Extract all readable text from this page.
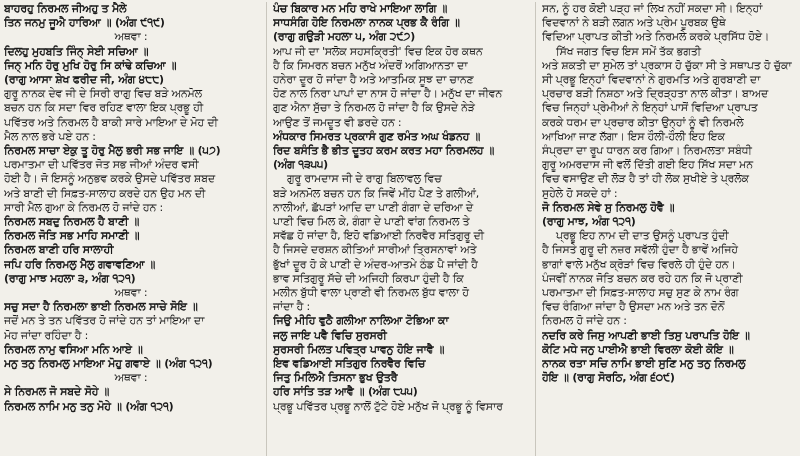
ਬਾਹਰਹੁ ਨਿਰਮਲ ਜੀਅਹੁ ਤ ਮੈਲੇ
ਤਿਨ ਜਨਮੁ ਜੂਐ ਹਾਰਿਆ ॥ (ਅੰਗ ੯੧੯)
ਅਥਵਾ :
ਦਿਲਹੁ ਮੁਹਬਤਿ ਜਿੰਨ੍ ਸੇਈ ਸਚਿਆ ॥
ਜਿਨ੍ ਮਨਿ ਹੋਰੁ ਮੁਖਿ ਹੋਰੁ ਸਿ ਕਾਂਢੇ ਕਚਿਆ ॥
(ਰਾਗੁ ਆਸਾ ਸ਼ੇਖ ਫਰੀਦ ਜੀ, ਅੰਗ ੪੮੮)
ਗੁਰੂ ਨਾਨਕ ਦੇਵ ਜੀ ਦੇ ਸਿਰੀ ਰਾਗੁ ਵਿਚ ਬੜੇ ਅਨਮੋਲ
ਬਚਨ ਹਨ ਕਿ ਸਦਾ ਵਿਰ ਰਹਿਣ ਵਾਲਾ ਇਕ ਪ੍ਰਭੂ ਹੀ
ਪਵਿੱਤਰ ਅਤੇ ਨਿਰਮਲ ਹੈ ਬਾਕੀ ਸਾਰੇ ਮਾਇਆ ਦੇ ਮੋਹ ਦੀ
ਮੈਲ ਨਾਲ ਭਰੇ ਪਏ ਹਨ :
ਨਿਰਮਲ ਸਾਚਾ ਏਕੁ ਤੂ ਹੋਰੁ ਮੈਲੁ ਭਰੀ ਸਭ ਜਾਇ ॥ (੫੭)
ਪਰਮਾਤਮਾ ਦੀ ਪਵਿੱਤਰ ਜੋਤ ਸਭ ਜੀਆਂ ਅੰਦਰ ਵਸੀ
ਹੋਈ ਹੈ। ਜੋ ਇਸਨੂੰ ਅਨੁਭਵ ਕਰਕੇ ਉਸਦੇ ਪਵਿੱਤਰ ਸ਼ਬਦ
ਅਤੇ ਬਾਣੀ ਦੀ ਸਿਫ਼ਤ-ਸਾਲਾਹ ਕਰਦੇ ਹਨ ਉਹ ਮਨ ਦੀ
ਸਾਰੀ ਮੈਲ ਗੁਆ ਕੇ ਨਿਰਮਲ ਹੋ ਜਾਂਦੇ ਹਨ :
ਨਿਰਮਲ ਸਬਦੁ ਨਿਰਮਲ ਹੈ ਬਾਣੀ ॥
ਨਿਰਮਲ ਜੋਤਿ ਸਭ ਮਾਹਿ ਸਮਾਣੀ ॥
ਨਿਰਮਲ ਬਾਣੀ ਹਰਿ ਸਾਲਾਹੀ
ਜਪਿ ਹਰਿ ਨਿਰਮਲੁ ਮੈਲੁ ਗਵਾਵਣਿਆ ॥
(ਰਾਗੁ ਮਾਝ ਮਹਲਾ ੩, ਅੰਗ ੧੨੧)
ਅਥਵਾ :
ਸਚੁ ਸਦਾ ਹੈ ਨਿਰਮਲਾ ਭਾਈ ਨਿਰਮਲ ਸਾਚੇ ਸੋਇ ॥
ਜਦੋਂ ਮਨ ਤੇ ਤਨ ਪਵਿੱਤਰ ਹੋ ਜਾਂਦੇ ਹਨ ਤਾਂ ਮਾਇਆ ਦਾ
ਮੋਹ ਜਾਂਦਾ ਰਹਿੰਦਾ ਹੈ :
ਨਿਰਮਲ ਨਾਮੁ ਵਸਿਆ ਮਨਿ ਆਏ ॥
ਮਨੁ ਤਨੁ ਨਿਰਮਲੁ ਮਾਇਆ ਮੋਹੁ ਗਵਾਏ ॥ (ਅੰਗ ੧੨੧)
ਅਥਵਾ :
ਸੇ ਨਿਰਮਲ ਜੋ ਸਬਦੇ ਸੋਹੇ ॥
ਨਿਰਮਲ ਨਾਮਿ ਮਨੁ ਤਨੁ ਮੋਹੇ ॥ (ਅੰਗ ੧੨੧)
ਪੰਚ ਬਿਕਾਰ ਮਨ ਮਹਿ ਰਾਖੇ ਮਾਇਆ ਲਾਗਿ ॥
ਸਾਧਸੰਗਿ ਹੋਇ ਨਿਰਮਲਾ ਨਾਨਕ ਪ੍ਰਭ ਕੈ ਰੰਗਿ ॥
(ਰਾਗੁ ਗਉੜੀ ਮਹਲਾ ੫, ਅੰਗ ੨੯੭)
ਆਪ ਜੀ ਦਾ 'ਸਲੋਕ ਸਹਸਕ੍ਰਿਤੀ' ਵਿਚ ਇਕ ਹੋਰ ਕਥਨ
ਹੈ ਕਿ ਸਿਮਰਨ ਬਚਨ ਮਨੁੱਖ ਅੰਦਰੋਂ ਅਗਿਆਨਤਾ ਦਾ
ਹਨੇਰਾ ਦੂਰ ਹੋ ਜਾਂਦਾ ਹੈ ਅਤੇ ਆਤਮਿਕ ਸੂਝ ਦਾ ਚਾਨਣ
ਹੋਣ ਨਾਲ ਨਿਰਾ ਪਾਪਾਂ ਦਾ ਨਾਸ ਹੋ ਜਾਂਦਾ ਹੈ। ਮਨੁੱਖ ਦਾ ਜੀਵਨ
ਗੁਣ ਐਨਾ ਸੁੱਚਾ ਤੇ ਨਿਰਮਲ ਹੋ ਜਾਂਦਾ ਹੈ ਕਿ ਉਸਦੇ ਨੇੜੇ
ਆਉਣ ਤੋਂ ਜਮਦੂਤ ਵੀ ਡਰਦੇ ਹਨ :
ਅੰਧਕਾਰ ਸਿਮਰਤ ਪ੍ਰਕਾਸੰ ਗੁਣ ਰਮੰਤ ਅਘ ਖੰਡਨਹ ॥
ਰਿਦ ਬਸੰਤਿ ਭੈ ਭੀਤ ਦੂਤਹ ਕਰਮ ਕਰਤ ਮਹਾ ਨਿਰਮਲਹ ॥
(ਅੰਗ ੧੩੫੫)
ਗੁਰੂ ਰਾਮਦਾਸ ਜੀ ਦੇ ਰਾਗੁ ਬਿਲਾਵਲੁ ਵਿਚ
ਬੜੇ ਅਨਮੋਲ ਬਚਨ ਹਨ ਕਿ ਜਿਵੇਂ ਮੀਂਹ ਪੈਣ ਤੇ ਗਲੀਆਂ,
ਨਾਲੀਆਂ, ਛੱਪੜਾਂ ਆਦਿ ਦਾ ਪਾਣੀ ਗੰਗਾ ਦੇ ਦਰਿਆ ਦੇ
ਪਾਣੀ ਵਿਚ ਮਿਲ ਕੇ, ਗੰਗਾ ਦੇ ਪਾਣੀ ਵਾਂਗ ਨਿਰਮਲ ਤੇ
ਸਵੱਛ ਹੋ ਜਾਂਦਾ ਹੈ, ਇਹੋ ਵਡਿਆਈ ਨਿਰਵੈਰ ਸਤਿਗੁਰੂ ਦੀ
ਹੈ ਜਿਸਦੇ ਦਰਸ਼ਨ ਕੀਤਿਆਂ ਸਾਰੀਆਂ ਤ੍ਰਿਸਨਾਵਾਂ ਅਤੇ
ਭੁੱਖਾਂ ਦੂਰ ਹੋ ਕੇ ਪਾਣੀ ਦੇ ਅੰਦਰ-ਆਤਮੇ ਠੰਡ ਪੈ ਜਾਂਦੀ ਹੈ
ਭਾਵ ਸਤਿਗੁਰੂ ਸੱਚੇ ਦੀ ਅਜਿਹੀ ਕਿਰਪਾ ਹੁੰਦੀ ਹੈ ਕਿ
ਮਲੀਨ ਬੁੱਧੀ ਵਾਲਾ ਪ੍ਰਾਣੀ ਵੀ ਨਿਰਮਲ ਬੁੱਧ ਵਾਲਾ ਹੋ
ਜਾਂਦਾ ਹੈ :
ਜਿਉ ਮੀਹਿ ਵੁਠੈ ਗਲੀਆ ਨਾਲਿਆ ਟੋਭਿਆ ਕਾ
ਜਲੁ ਜਾਇ ਪਵੈ ਵਿਚਿ ਸੁਰਸਰੀ
ਸੁਰਸਰੀ ਮਿਲਤ ਪਵਿਤ੍ਰ ਪਾਵਨੁ ਹੋਇ ਜਾਵੈ ॥
ਇਵ ਵਡਿਆਈ ਸਤਿਗੁਰ ਨਿਰਵੈਰ ਵਿਚਿ
ਜਿਤੁ ਮਿਲਿਐ ਤਿਸਨਾ ਭੁਖ ਉਤਰੈ
ਹਰਿ ਸਾਂਤਿ ਤੜ ਆਵੈ ॥ (ਅੰਗ ੮੫੫)
ਪ੍ਰਭੂ ਪਵਿੱਤਰ ਪ੍ਰਭੂ ਨਾਲੋਂ ਟੁੱਟੇ ਹੋਏ ਮਨੁੱਖ ਜੋ ਪ੍ਰਭੂ ਨੂੰ ਵਿਸਾਰ
ਸਨ, ਨੂੰ ਹਰ ਕੋਈ ਪੜ੍ਹ ਜਾਂ ਲਿਖ ਨਹੀਂ ਸਕਦਾ ਸੀ। ਇਨ੍ਹਾਂ
ਵਿਦਵਾਨਾਂ ਨੇ ਬੜੀ ਲਗਨ ਅਤੇ ਪ੍ਰੇਮ ਪੂਰਬਕ ਉਥੇ
ਵਿਦਿਆ ਪ੍ਰਾਪਤ ਕੀਤੀ ਅਤੇ ਨਿਰਮਲੇ ਕਰਕੇ ਪ੍ਰਸਿੱਧ ਹੋਏ।
ਸਿੱਖ ਜਗਤ ਵਿਚ ਇਸ ਸਮੇਂ ਤੱਕ ਭਗਤੀ
ਅਤੇ ਸ਼ਕਤੀ ਦਾ ਸੁਮੇਲ ਤਾਂ ਪ੍ਰਕਾਸ ਹੋ ਚੁੱਕਾ ਸੀ ਤੇ ਸਥਾਪਤ ਹੋ ਚੁੱਕਾ
ਸੀ ਪ੍ਰਭੂ ਇਨ੍ਹਾਂ ਵਿਦਵਾਨਾਂ ਨੇ ਗੁਰਮਤਿ ਅਤੇ ਗੁਰਬਾਣੀ ਦਾ
ਪ੍ਰਚਾਰ ਬੜੀ ਨਿਸ਼ਠਾ ਅਤੇ ਦ੍ਰਿੜ੍ਹਤਾ ਨਾਲ ਕੀਤਾ। ਬਾਅਦ
ਵਿਚ ਜਿਨ੍ਹਾਂ ਪ੍ਰੇਮੀਆਂ ਨੇ ਇਨ੍ਹਾਂ ਪਾਸੋਂ ਵਿਦਿਆ ਪ੍ਰਾਪਤ
ਕਰਕੇ ਧਰਮ ਦਾ ਪ੍ਰਚਾਰ ਕੀਤਾ ਉਨ੍ਹਾਂ ਨੂੰ ਵੀ ਨਿਰਮਲੇ
ਆਖਿਆ ਜਾਣ ਲੱਗਾ। ਇਸ ਹੌਲੀ-ਹੌਲੀ ਇਹ ਇਕ
ਸੰਪ੍ਰਦਾ ਦਾ ਰੂਪ ਧਾਰਨ ਕਰ ਗਿਆ। ਨਿਰਮਲਤਾ ਸਬੰਧੀ
ਗੁਰੂ ਅਮਰਦਾਸ ਜੀ ਵਲੋਂ ਦਿੱਤੀ ਗਈ ਇਹ ਸਿੱਖ ਸਦਾ ਮਨ
ਵਿਚ ਵਸਾਉਣ ਦੀ ਲੋੜ ਹੈ ਤਾਂ ਹੀ ਲੋਕ ਸੁਖੀਏ ਤੇ ਪ੍ਰਲੋਕ
ਸੁਹੇਲੇ ਹੋ ਸਕਦੇ ਹਾਂ :
ਜੋ ਨਿਰਮਲ ਸੇਵੇ ਸੁ ਨਿਰਮਲੁ ਹੋਵੈ ॥
(ਰਾਗੁ ਮਾਝ, ਅੰਗ ੧੨੧)
ਪ੍ਰਭੂ ਇਹ ਨਾਮ ਦੀ ਦਾਤ ਉਸਨੂੰ ਪ੍ਰਾਪਤ ਹੁੰਦੀ
ਹੈ ਜਿਸਤੇ ਗੁਰੂ ਦੀ ਨਜ਼ਰ ਸਵੱਲੀ ਹੁੰਦਾ ਹੈ ਭਾਵੇਂ ਅਜਿਹੇ
ਭਾਗਾਂ ਵਾਲੇ ਮਨੁੱਖ ਕ੍ਰੋੜਾਂ ਵਿਚ ਵਿਰਲੇ ਹੀ ਹੁੰਦੇ ਹਨ।
ਪੰਜਵੀਂ ਨਾਨਕ ਜੋਤਿ ਬਚਨ ਕਰ ਰਹੇ ਹਨ ਕਿ ਜੋ ਪ੍ਰਾਣੀ
ਪਰਮਾਤਮਾ ਦੀ ਸਿਫ਼ਤ-ਸਾਲਾਹ ਸਚੁ ਸੁਣ ਕੇ ਨਾਮ ਰੰਗ
ਵਿਚ ਰੰਗਿਆ ਜਾਂਦਾ ਹੈ ਉਸਦਾ ਮਨ ਅਤੇ ਤਨ ਦੋਨੋਂ
ਨਿਰਮਲ ਹੋ ਜਾਂਦੇ ਹਨ :
ਨਦਰਿ ਕਰੇ ਜਿਸੁ ਆਪਣੀ ਭਾਈ ਤਿਸੁ ਪਰਾਪਤਿ ਹੋਇ ॥
ਕੋਟਿ ਮਧੇ ਜਨੁ ਪਾਈਐ ਭਾਈ ਵਿਰਲਾ ਕੋਈ ਕੋਇ ॥
ਨਾਨਕ ਰਤਾ ਸਚਿ ਨਾਮਿ ਭਾਈ ਸੁਣਿ ਮਨੁ ਤਨੁ ਨਿਰਮਲੁ
ਹੋਇ ॥ (ਰਾਗੁ ਸੋਰਠਿ, ਅੰਗ ੬੦੯)
